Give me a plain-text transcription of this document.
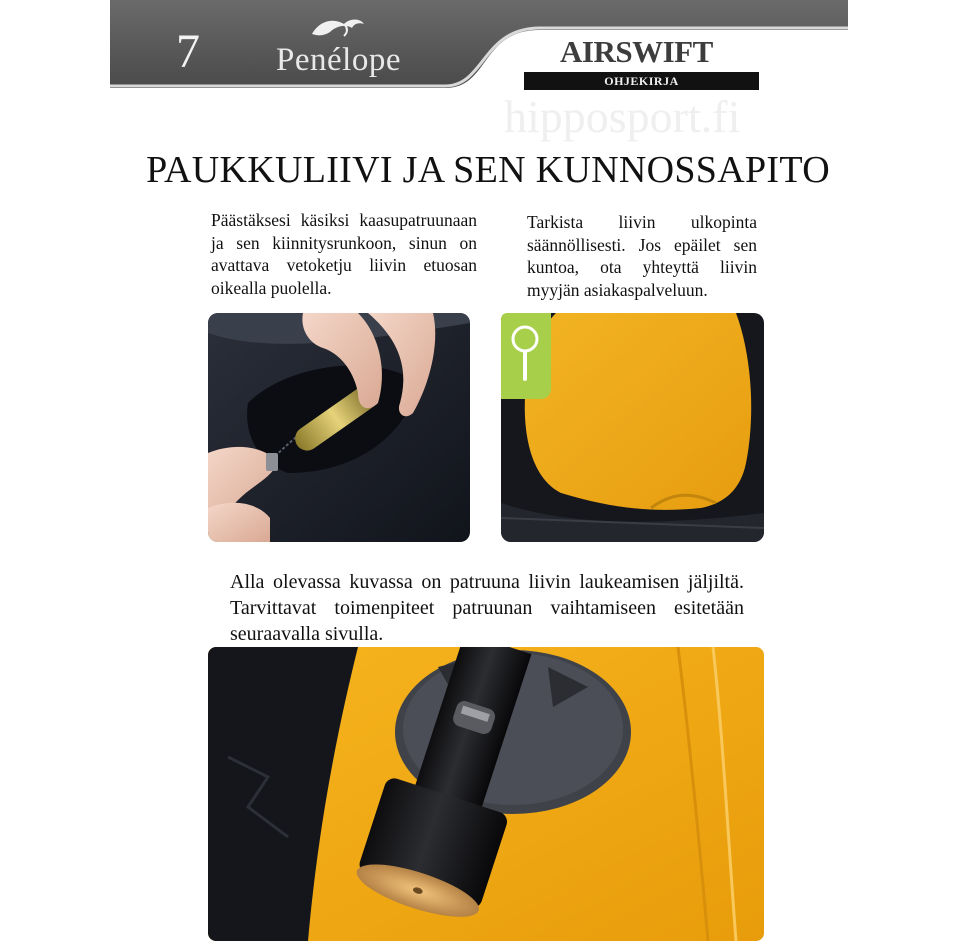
7 Penélope	AIRSWIFT
OHJEKIRJA
hipposport.fi
PAUKKULIIVI JA SEN KUNNOSSAPITO
Päästäksesi käsiksi kaasupatruunaan ja sen kiinnitysrunkoon, sinun on avattava vetoketju liivin etuosan oikealla puolella.
Tarkista liivin ulkopinta säännöllisesti. Jos epäilet sen kuntoa, ota yhteyttä liivin myyjän asiakaspalveluun.
Alla olevassa kuvassa on patruuna liivin laukeamisen jäljiltä. Tarvittavat toimenpiteet patruunan vaihtamiseen esitetään seuraavalla sivulla.
